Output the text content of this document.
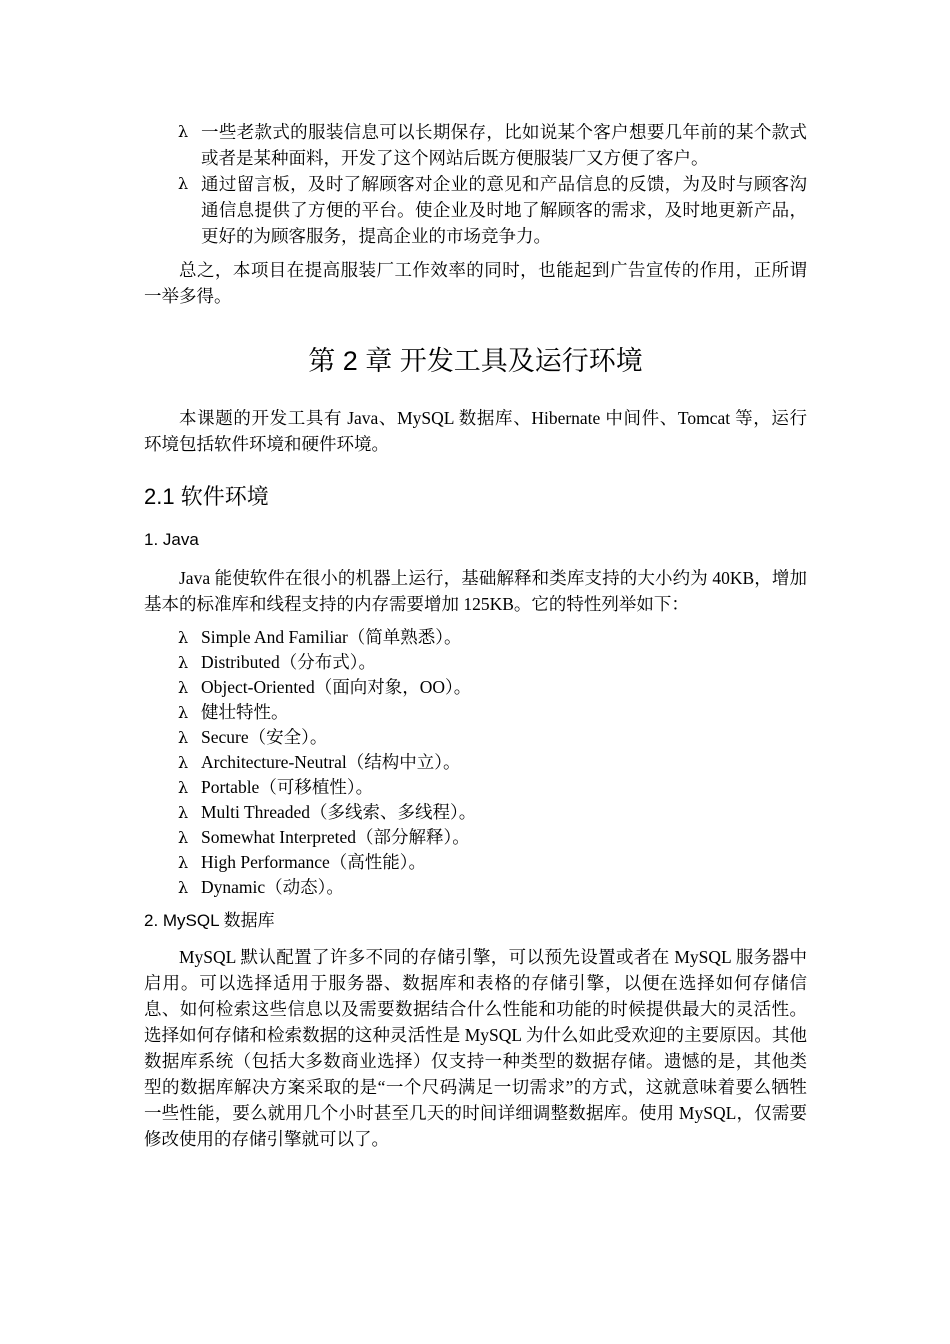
λ 一些老款式的服装信息可以长期保存，比如说某个客户想要几年前的某个款式或者是某种面料，开发了这个网站后既方便服装厂又方便了客户。
λ 通过留言板，及时了解顾客对企业的意见和产品信息的反馈，为及时与顾客沟通信息提供了方便的平台。使企业及时地了解顾客的需求，及时地更新产品，更好的为顾客服务，提高企业的市场竞争力。

总之，本项目在提高服装厂工作效率的同时，也能起到广告宣传的作用，正所谓一举多得。

第 2 章 开发工具及运行环境

本课题的开发工具有 Java、MySQL 数据库、Hibernate 中间件、Tomcat 等，运行环境包括软件环境和硬件环境。

2.1 软件环境
1. Java

Java 能使软件在很小的机器上运行，基础解释和类库支持的大小约为 40KB，增加基本的标准库和线程支持的内存需要增加 125KB。它的特性列举如下：

λ Simple And Familiar（简单熟悉）。
λ Distributed（分布式）。
λ Object-Oriented（面向对象，OO）。
λ 健壮特性。
λ Secure（安全）。
λ Architecture-Neutral（结构中立）。
λ Portable（可移植性）。
λ Multi Threaded（多线索、多线程）。
λ Somewhat Interpreted（部分解释）。
λ High Performance（高性能）。
λ Dynamic（动态）。
2. MySQL 数据库

MySQL 默认配置了许多不同的存储引擎，可以预先设置或者在 MySQL 服务器中启用。可以选择适用于服务器、数据库和表格的存储引擎，以便在选择如何存储信息、如何检索这些信息以及需要数据结合什么性能和功能的时候提供最大的灵活性。选择如何存储和检索数据的这种灵活性是 MySQL 为什么如此受欢迎的主要原因。其他数据库系统（包括大多数商业选择）仅支持一种类型的数据存储。遗憾的是，其他类型的数据库解决方案采取的是“一个尺码满足一切需求”的方式，这就意味着要么牺牲一些性能，要么就用几个小时甚至几天的时间详细调整数据库。使用 MySQL，仅需要修改使用的存储引擎就可以了。
